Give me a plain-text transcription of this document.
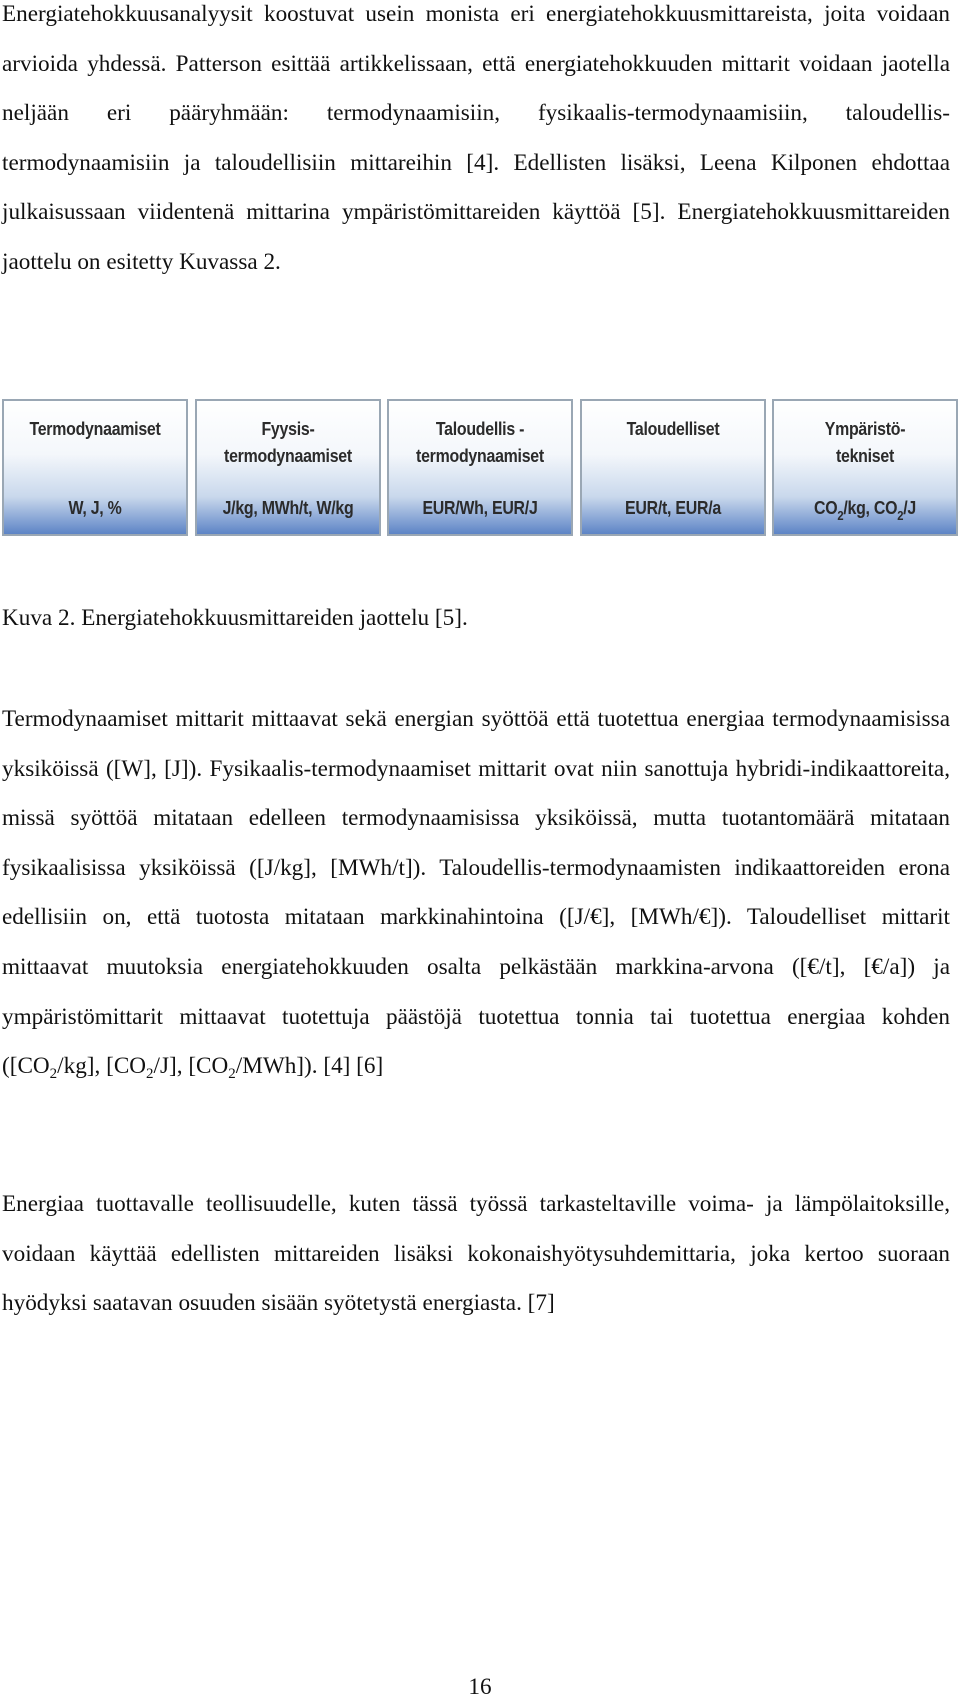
Energiatehokkuusanalyysit koostuvat usein monista eri energiatehokkuusmittareista, joita voidaan arvioida yhdessä. Patterson esittää artikkelissaan, että energiatehokkuuden mittarit voidaan jaotella neljään eri pääryhmään: termodynaamisiin, fysikaalis-termodynaamisiin, taloudellis-termodynaamisiin ja taloudellisiin mittareihin [4]. Edellisten lisäksi, Leena Kilponen ehdottaa julkaisussaan viidentenä mittarina ympäristömittareiden käyttöä [5]. Energiatehokkuusmittareiden jaottelu on esitetty Kuvassa 2.

Termodynaamiset
W, J, %
Fyysis-
termodynaamiset
J/kg, MWh/t, W/kg
Taloudellis -
termodynaamiset
EUR/Wh, EUR/J
Taloudelliset
EUR/t, EUR/a
Ympäristö-
tekniset
$CO_2/kg$, $CO_2/J$

Kuva 2. Energiatehokkuusmittareiden jaottelu [5].

Termodynaamiset mittarit mittaavat sekä energian syöttöä että tuotettua energiaa termodynaamisissa yksiköissä ([W], [J]). Fysikaalis-termodynaamiset mittarit ovat niin sanottuja hybridi-indikaattoreita, missä syöttöä mitataan edelleen termodynaamisissa yksiköissä, mutta tuotantomäärä mitataan fysikaalisissa yksiköissä ([J/kg], [MWh/t]). Taloudellis-termodynaamisten indikaattoreiden erona edellisiin on, että tuotosta mitataan markkinahintoina ([J/€], [MWh/€]). Taloudelliset mittarit mittaavat muutoksia energiatehokkuuden osalta pelkästään markkina-arvona ([€/t], [€/a]) ja ympäristömittarit mittaavat tuotettuja päästöjä tuotettua tonnia tai tuotettua energiaa kohden ($[CO_2/kg]$, $[CO_2/J]$, $[CO_2/MWh]$). [4] [6]

Energiaa tuottavalle teollisuudelle, kuten tässä työssä tarkasteltaville voima- ja lämpölaitoksille, voidaan käyttää edellisten mittareiden lisäksi kokonaishyötysuhdemittaria, joka kertoo suoraan hyödyksi saatavan osuuden sisään syötetystä energiasta. [7]

16
